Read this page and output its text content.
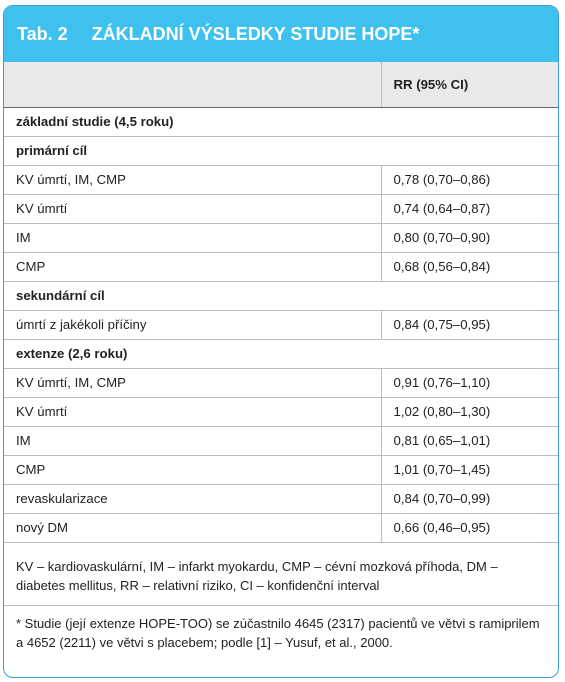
Tab. 2 ZÁKLADNÍ VÝSLEDKY STUDIE HOPE*
	RR (95% CI)
základní studie (4,5 roku)	
primární cíl	
KV úmrtí, IM, CMP	0,78 (0,70–0,86)
KV úmrtí	0,74 (0,64–0,87)
IM	0,80 (0,70–0,90)
CMP	0,68 (0,56–0,84)
sekundární cíl	
úmrtí z jakékoli příčiny	0,84 (0,75–0,95)
extenze (2,6 roku)	
KV úmrtí, IM, CMP	0,91 (0,76–1,10)
KV úmrtí	1,02 (0,80–1,30)
IM	0,81 (0,65–1,01)
CMP	1,01 (0,70–1,45)
revaskularizace	0,84 (0,70–0,99)
nový DM	0,66 (0,46–0,95)

KV – kardiovaskulární, IM – infarkt myokardu, CMP – cévní mozková příhoda, DM – diabetes mellitus, RR – relativní riziko, CI – konfidenční interval

* Studie (její extenze HOPE-TOO) se zúčastnilo 4645 (2317) pacientů ve větvi s ramiprilem a 4652 (2211) ve větvi s placebem; podle [1] – Yusuf, et al., 2000.
